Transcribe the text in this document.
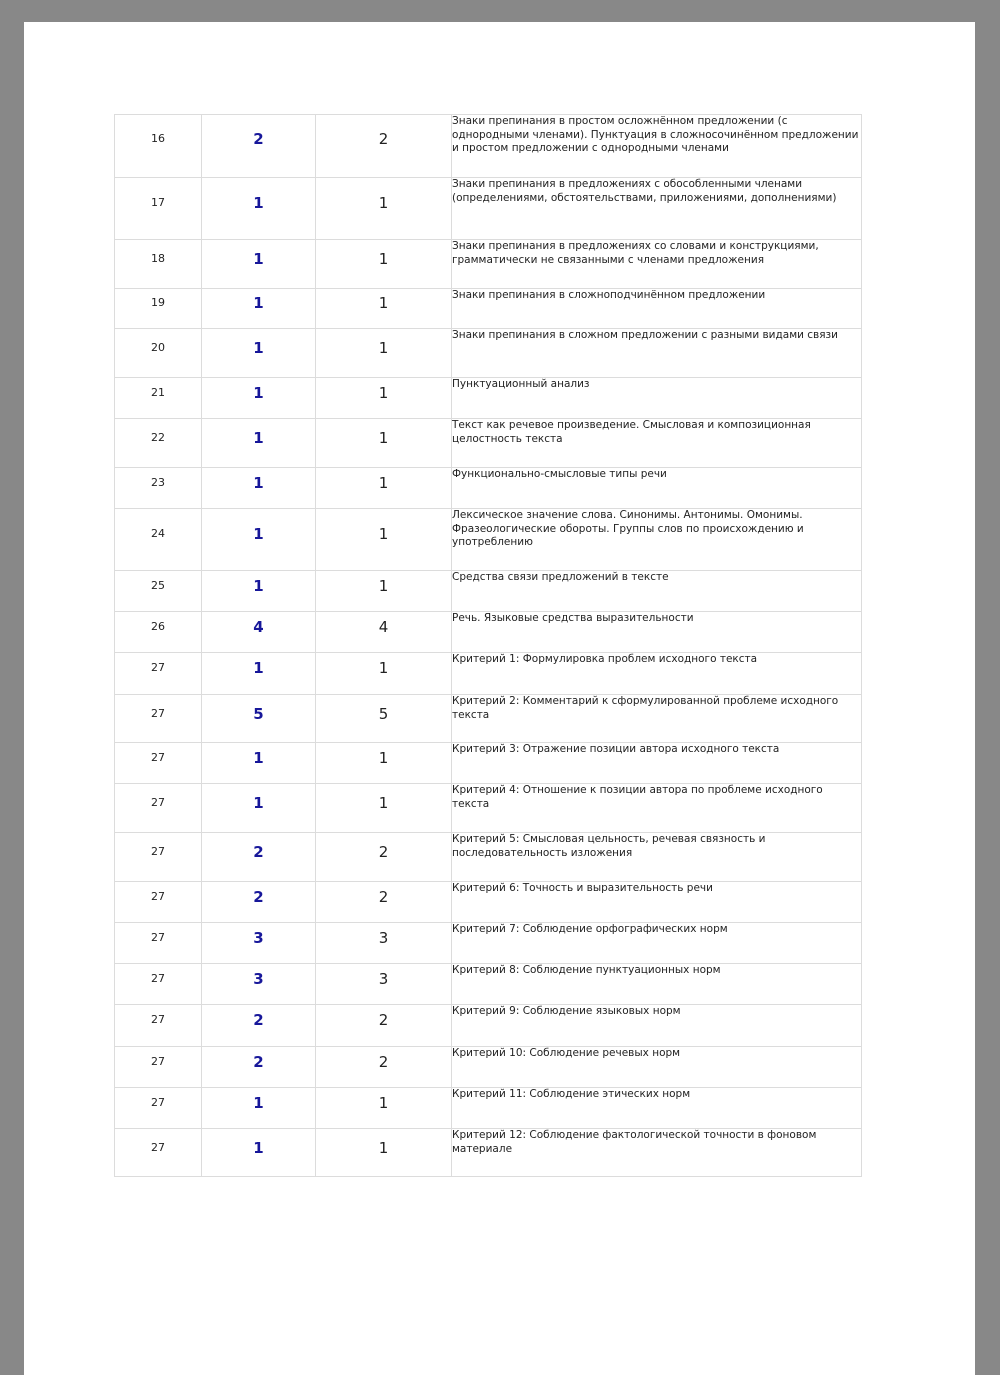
16	2	2	Знаки препинания в простом осложнённом предложении (с однородными членами). Пунктуация в сложносочинённом предложении и простом предложении с однородными членами

17	1	1	Знаки препинания в предложениях с обособленными членами (определениями, обстоятельствами, приложениями, дополнениями)

18	1	1	Знаки препинания в предложениях со словами и конструкциями, грамматически не связанными с членами предложения

19	1	1	Знаки препинания в сложноподчинённом предложении

20	1	1	Знаки препинания в сложном предложении с разными видами связи

21	1	1	Пунктуационный анализ

22	1	1	Текст как речевое произведение. Смысловая и композиционная целостность текста

23	1	1	Функционально-смысловые типы речи

24	1	1	Лексическое значение слова. Синонимы. Антонимы. Омонимы. Фразеологические обороты. Группы слов по происхождению и употреблению

25	1	1	Средства связи предложений в тексте

26	4	4	Речь. Языковые средства выразительности

27	1	1	Критерий 1: Формулировка проблем исходного текста

27	5	5	Критерий 2: Комментарий к сформулированной проблеме исходного текста

27	1	1	Критерий 3: Отражение позиции автора исходного текста

27	1	1	Критерий 4: Отношение к позиции автора по проблеме исходного текста

27	2	2	Критерий 5: Смысловая цельность, речевая связность и последовательность изложения

27	2	2	Критерий 6: Точность и выразительность речи

27	3	3	Критерий 7: Соблюдение орфографических норм

27	3	3	Критерий 8: Соблюдение пунктуационных норм

27	2	2	Критерий 9: Соблюдение языковых норм

27	2	2	Критерий 10: Соблюдение речевых норм

27	1	1	Критерий 11: Соблюдение этических норм

27	1	1	Критерий 12: Соблюдение фактологической точности в фоновом материале
